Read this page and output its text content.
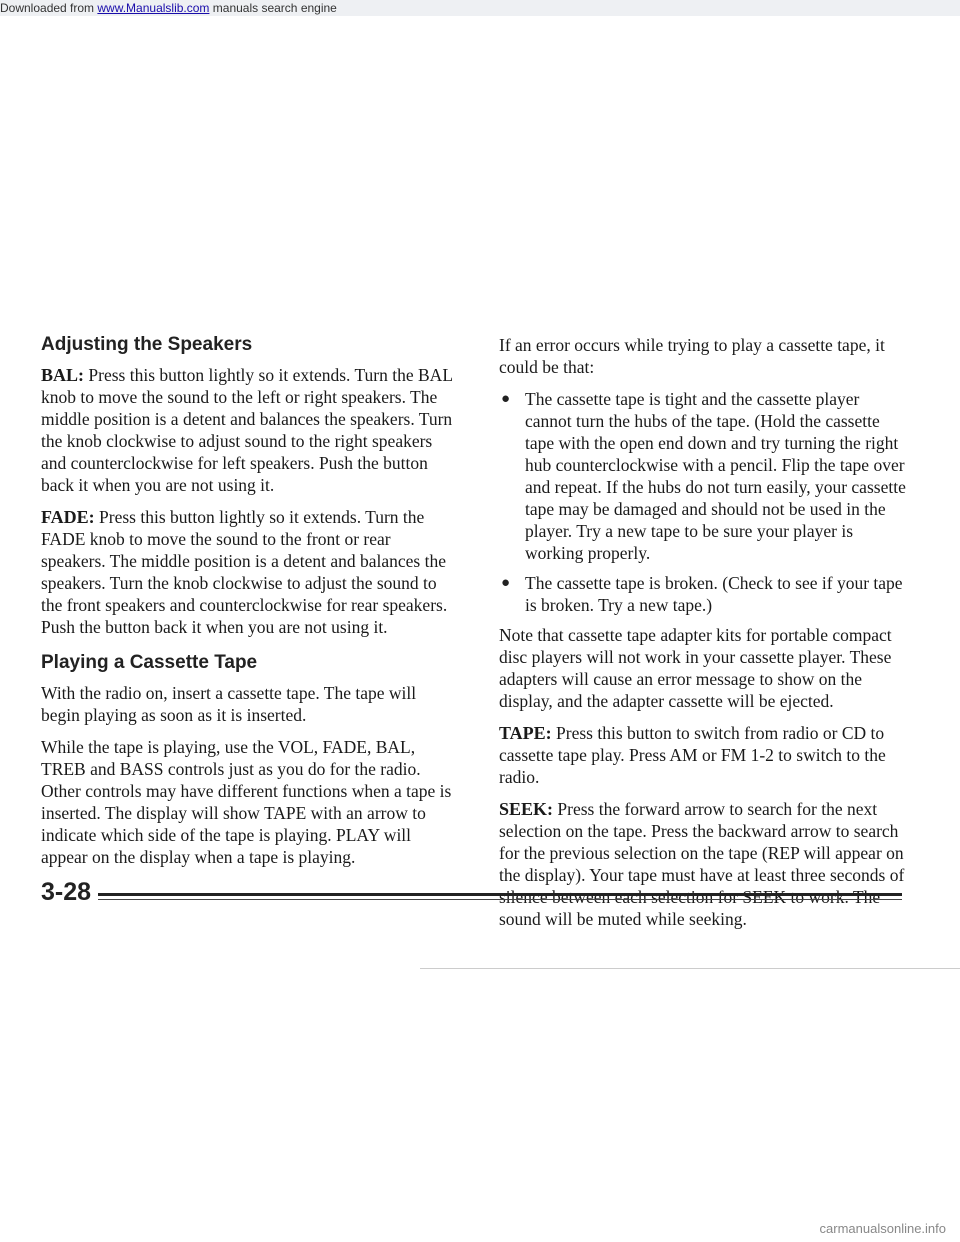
Downloaded from www.Manualslib.com manuals search engine
Adjusting the Speakers

BAL: Press this button lightly so it extends. Turn the BAL knob to move the sound to the left or right speakers. The middle position is a detent and balances the speakers. Turn the knob clockwise to adjust sound to the right speakers and counterclockwise for left speakers. Push the button back it when you are not using it.

FADE: Press this button lightly so it extends. Turn the FADE knob to move the sound to the front or rear speakers. The middle position is a detent and balances the speakers. Turn the knob clockwise to adjust the sound to the front speakers and counterclockwise for rear speakers. Push the button back it when you are not using it.

Playing a Cassette Tape

With the radio on, insert a cassette tape. The tape will begin playing as soon as it is inserted.

While the tape is playing, use the VOL, FADE, BAL, TREB and BASS controls just as you do for the radio. Other controls may have different functions when a tape is inserted. The display will show TAPE with an arrow to indicate which side of the tape is playing. PLAY will appear on the display when a tape is playing.

If an error occurs while trying to play a cassette tape, it could be that:

● The cassette tape is tight and the cassette player cannot turn the hubs of the tape. (Hold the cassette tape with the open end down and try turning the right hub counterclockwise with a pencil. Flip the tape over and repeat. If the hubs do not turn easily, your cassette tape may be damaged and should not be used in the player. Try a new tape to be sure your player is working properly.
● The cassette tape is broken. (Check to see if your tape is broken. Try a new tape.)

Note that cassette tape adapter kits for portable compact disc players will not work in your cassette player. These adapters will cause an error message to show on the display, and the adapter cassette will be ejected.

TAPE: Press this button to switch from radio or CD to cassette tape play. Press AM or FM 1-2 to switch to the radio.

SEEK: Press the forward arrow to search for the next selection on the tape. Press the backward arrow to search for the previous selection on the tape (REP will appear on the display). Your tape must have at least three seconds of silence between each selection for SEEK to work. The sound will be muted while seeking.

3-28
carmanualsonline.info
